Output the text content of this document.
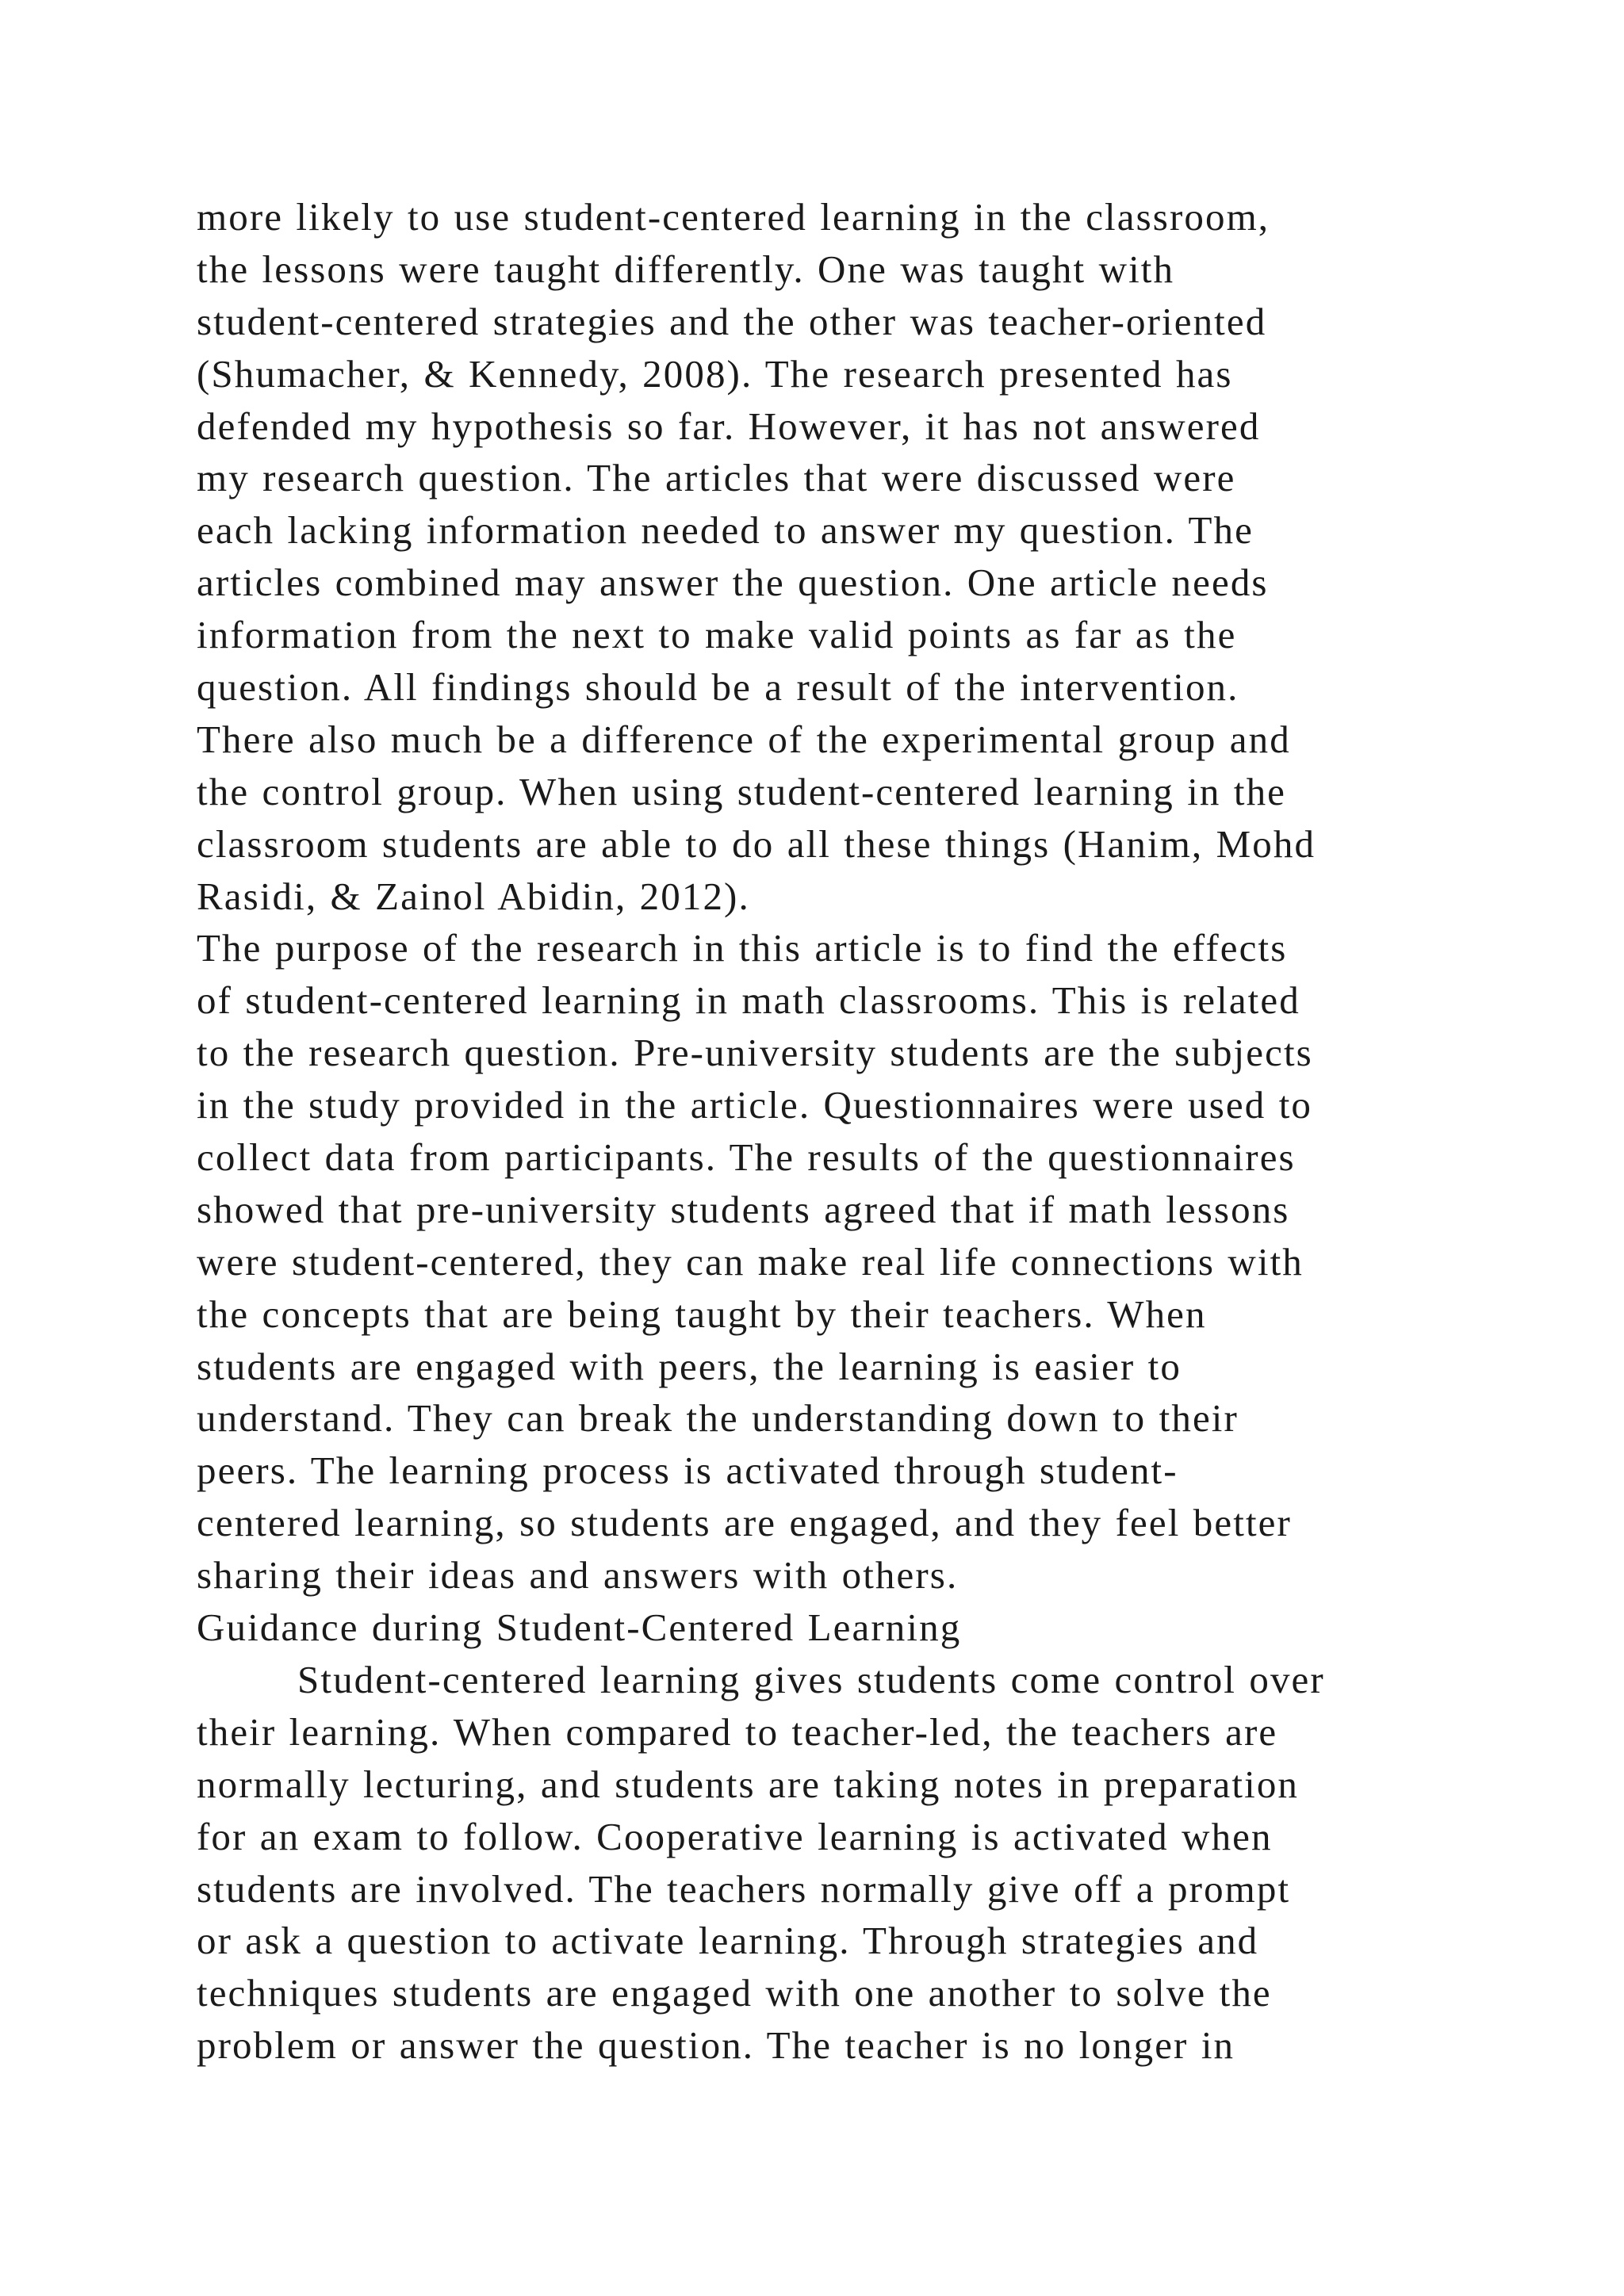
more likely to use student-centered learning in the classroom,
the lessons were taught differently. One was taught with
student-centered strategies and the other was teacher-oriented
(Shumacher, & Kennedy, 2008). The research presented has
defended my hypothesis so far. However, it has not answered
my research question. The articles that were discussed were
each lacking information needed to answer my question. The
articles combined may answer the question. One article needs
information from the next to make valid points as far as the
question. All findings should be a result of the intervention.
There also much be a difference of the experimental group and
the control group. When using student-centered learning in the
classroom students are able to do all these things (Hanim, Mohd
Rasidi, & Zainol Abidin, 2012).
The purpose of the research in this article is to find the effects
of student-centered learning in math classrooms. This is related
to the research question. Pre-university students are the subjects
in the study provided in the article. Questionnaires were used to
collect data from participants. The results of the questionnaires
showed that pre-university students agreed that if math lessons
were student-centered, they can make real life connections with
the concepts that are being taught by their teachers. When
students are engaged with peers, the learning is easier to
understand. They can break the understanding down to their
peers. The learning process is activated through student-
centered learning, so students are engaged, and they feel better
sharing their ideas and answers with others.
Guidance during Student-Centered Learning
Student-centered learning gives students come control over
their learning. When compared to teacher-led, the teachers are
normally lecturing, and students are taking notes in preparation
for an exam to follow. Cooperative learning is activated when
students are involved. The teachers normally give off a prompt
or ask a question to activate learning. Through strategies and
techniques students are engaged with one another to solve the
problem or answer the question. The teacher is no longer in
